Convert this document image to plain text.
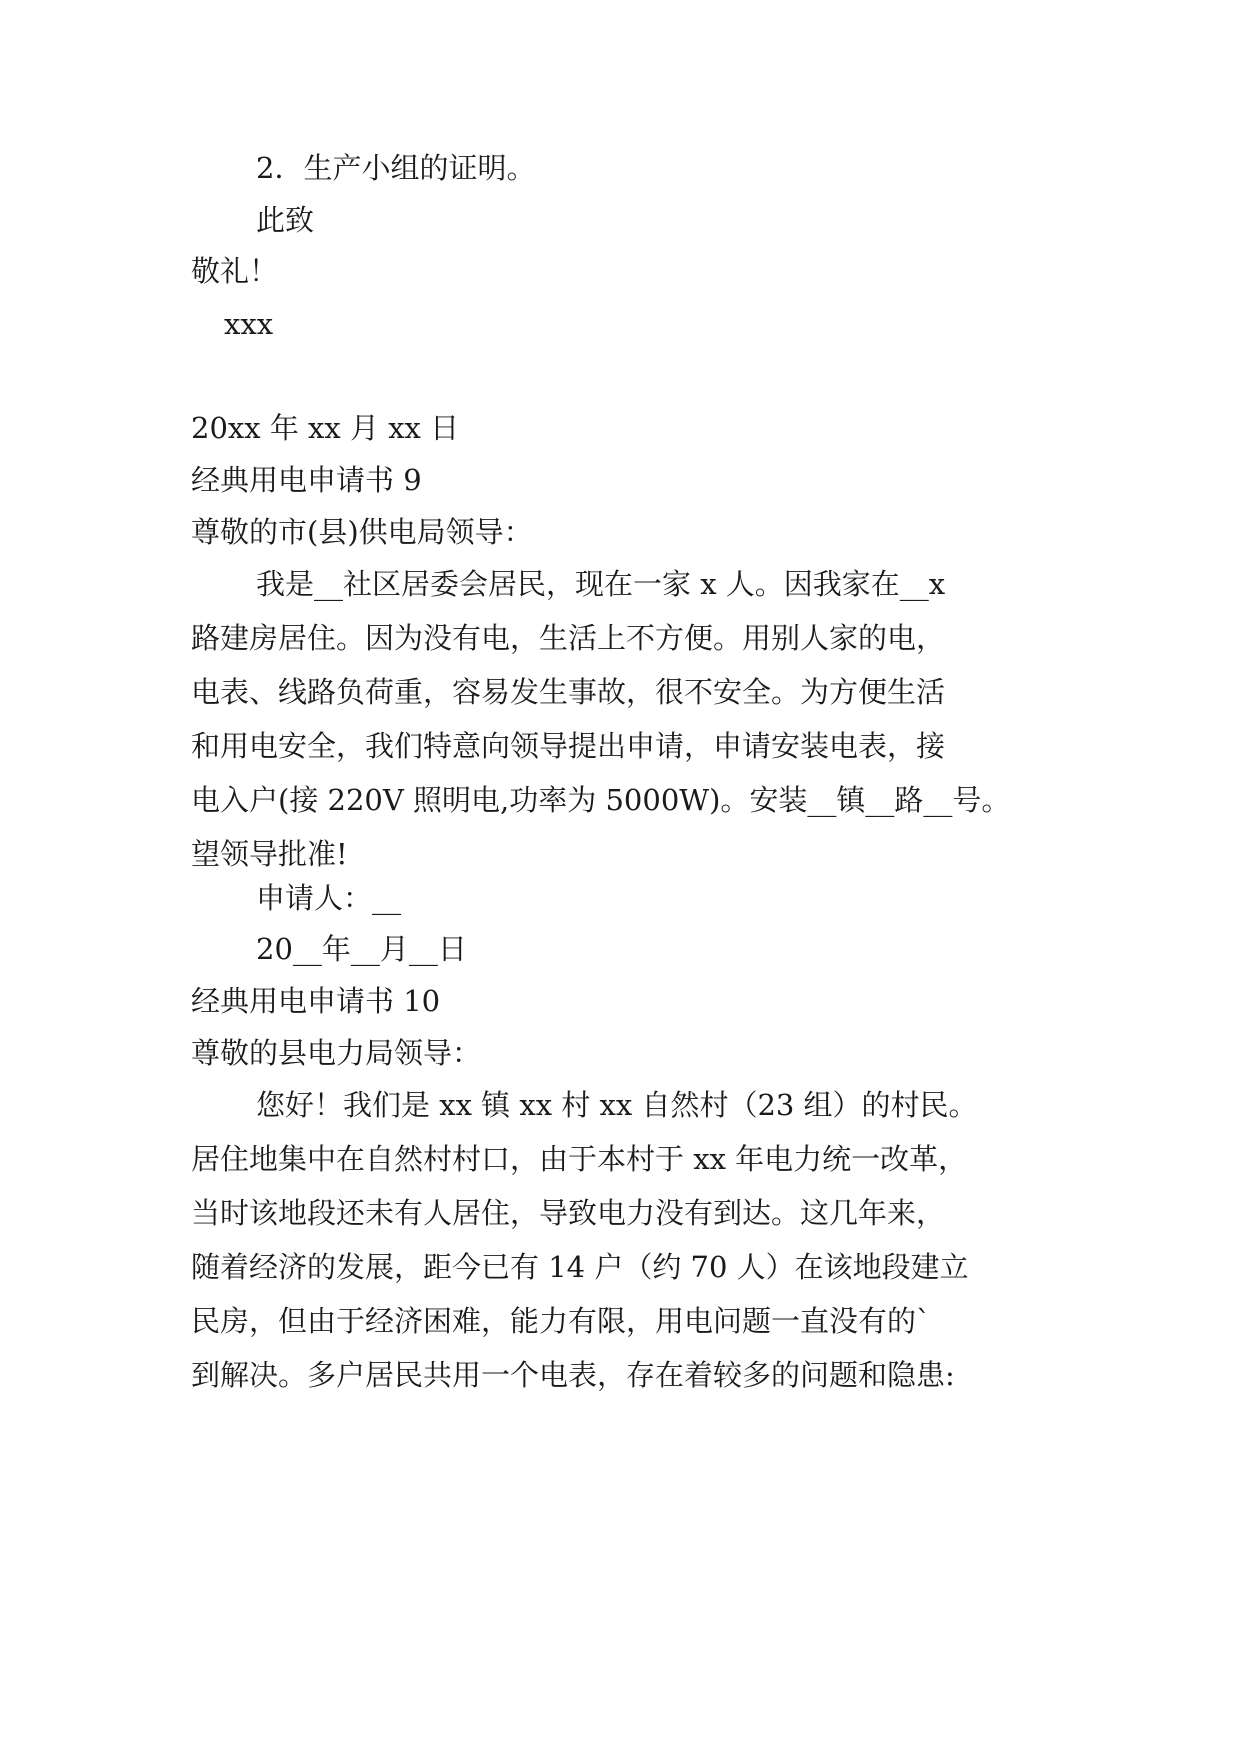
2．生产小组的证明。
此致
敬礼！
xxx
20xx 年 xx 月 xx 日
经典用电申请书 9
尊敬的市(县)供电局领导：
我是__社区居委会居民，现在一家 x 人。因我家在__x
路建房居住。因为没有电，生活上不方便。用别人家的电，
电表、线路负荷重，容易发生事故，很不安全。为方便生活
和用电安全，我们特意向领导提出申请，申请安装电表，接
电入户(接 220V 照明电,功率为 5000W)。安装__镇__路__号。
望领导批准!
申请人：__
20__年__月__日
经典用电申请书 10
尊敬的县电力局领导：
您好！我们是 xx 镇 xx 村 xx 自然村（23 组）的村民。
居住地集中在自然村村口，由于本村于 xx 年电力统一改革，
当时该地段还未有人居住，导致电力没有到达。这几年来，
随着经济的发展，距今已有 14 户（约 70 人）在该地段建立
民房，但由于经济困难，能力有限，用电问题一直没有的`
到解决。多户居民共用一个电表，存在着较多的问题和隐患:
